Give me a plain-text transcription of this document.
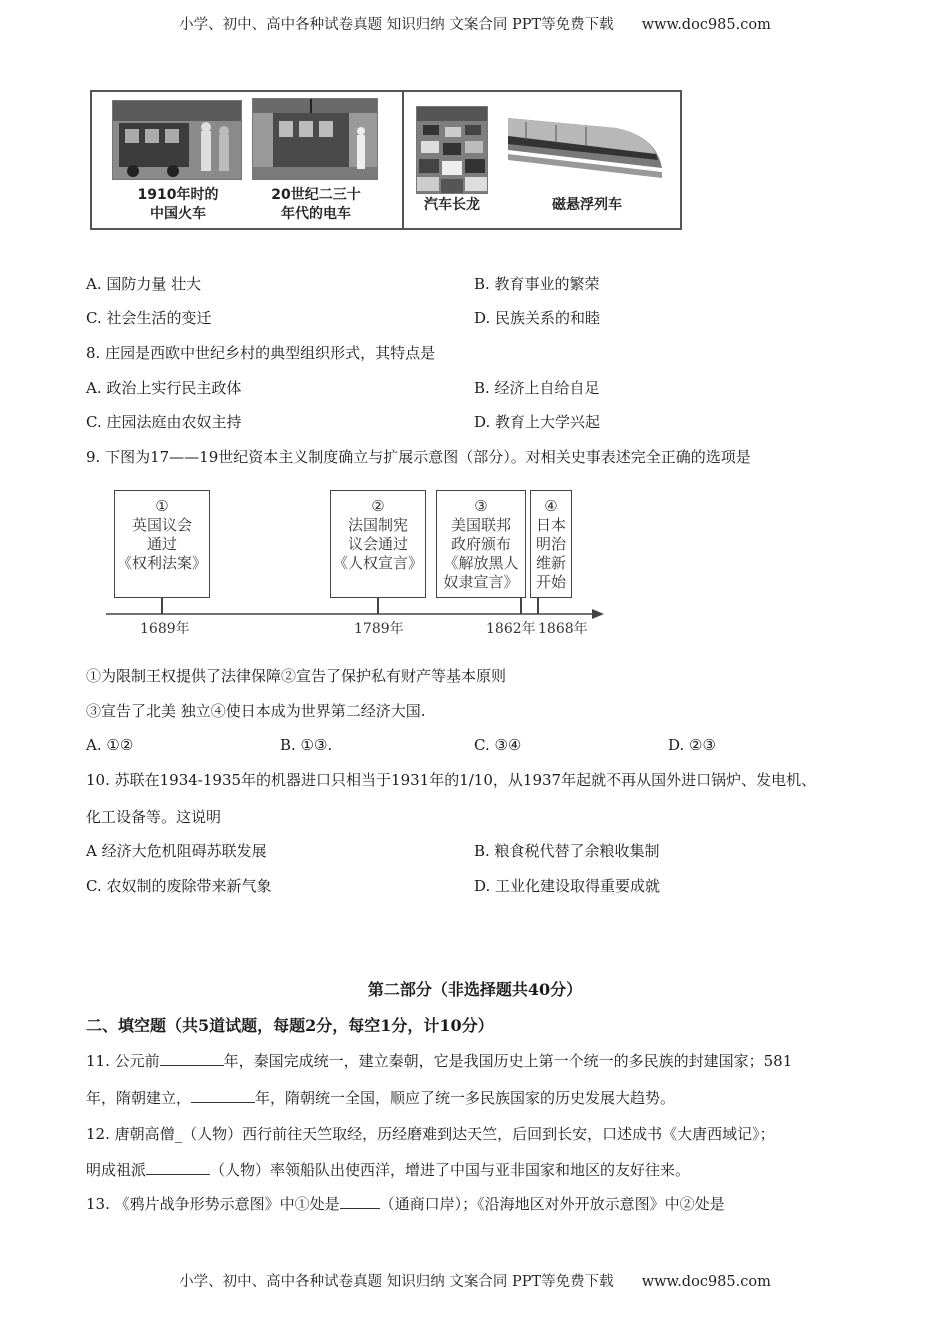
小学、初中、高中各种试卷真题 知识归纳 文案合同 PPT等免费下载 www.doc985.com
1910年时的
中国火车
20世纪二三十
年代的电车
汽车长龙	磁悬浮列车
A. 国防力量 壮大	B. 教育事业的繁荣
C. 社会生活的变迁	D. 民族关系的和睦
8. 庄园是西欧中世纪乡村的典型组织形式，其特点是
A. 政治上实行民主政体	B. 经济上自给自足
C. 庄园法庭由农奴主持	D. 教育上大学兴起
9. 下图为17——19世纪资本主义制度确立与扩展示意图（部分）。对相关史事表述完全正确的选项是
①
英国议会
通过
《权利法案》
②
法国制宪
议会通过
《人权宣言》
③
美国联邦
政府颁布
《解放黑人
奴隶宣言》
④
日本
明治
维新
开始
1689年	1789年	1862年 1868年
①为限制王权提供了法律保障②宣告了保护私有财产等基本原则
③宣告了北美 独立④使日本成为世界第二经济大国.
A. ①②	B. ①③.	C. ③④	D. ②③
10. 苏联在1934-1935年的机器进口只相当于1931年的1/10，从1937年起就不再从国外进口锅炉、发电机、
化工设备等。这说明
A 经济大危机阻碍苏联发展	B. 粮食税代替了余粮收集制
C. 农奴制的废除带来新气象	D. 工业化建设取得重要成就
第二部分（非选择题共40分）
二、填空题（共5道试题，每题2分，每空1分，计10分）
11. 公元前	年，秦国完成统一，建立秦朝，它是我国历史上第一个统一的多民族的封建国家；581
年，隋朝建立，	年，隋朝统一全国，顺应了统一多民族国家的历史发展大趋势。
12. 唐朝高僧_（人物）西行前往天竺取经，历经磨难到达天竺，后回到长安，口述成书《大唐西域记》；
明成祖派	（人物）率领船队出使西洋，增进了中国与亚非国家和地区的友好往来。
13. 《鸦片战争形势示意图》中①处是	（通商口岸）；《沿海地区对外开放示意图》中②处是
小学、初中、高中各种试卷真题 知识归纳 文案合同 PPT等免费下载 www.doc985.com
